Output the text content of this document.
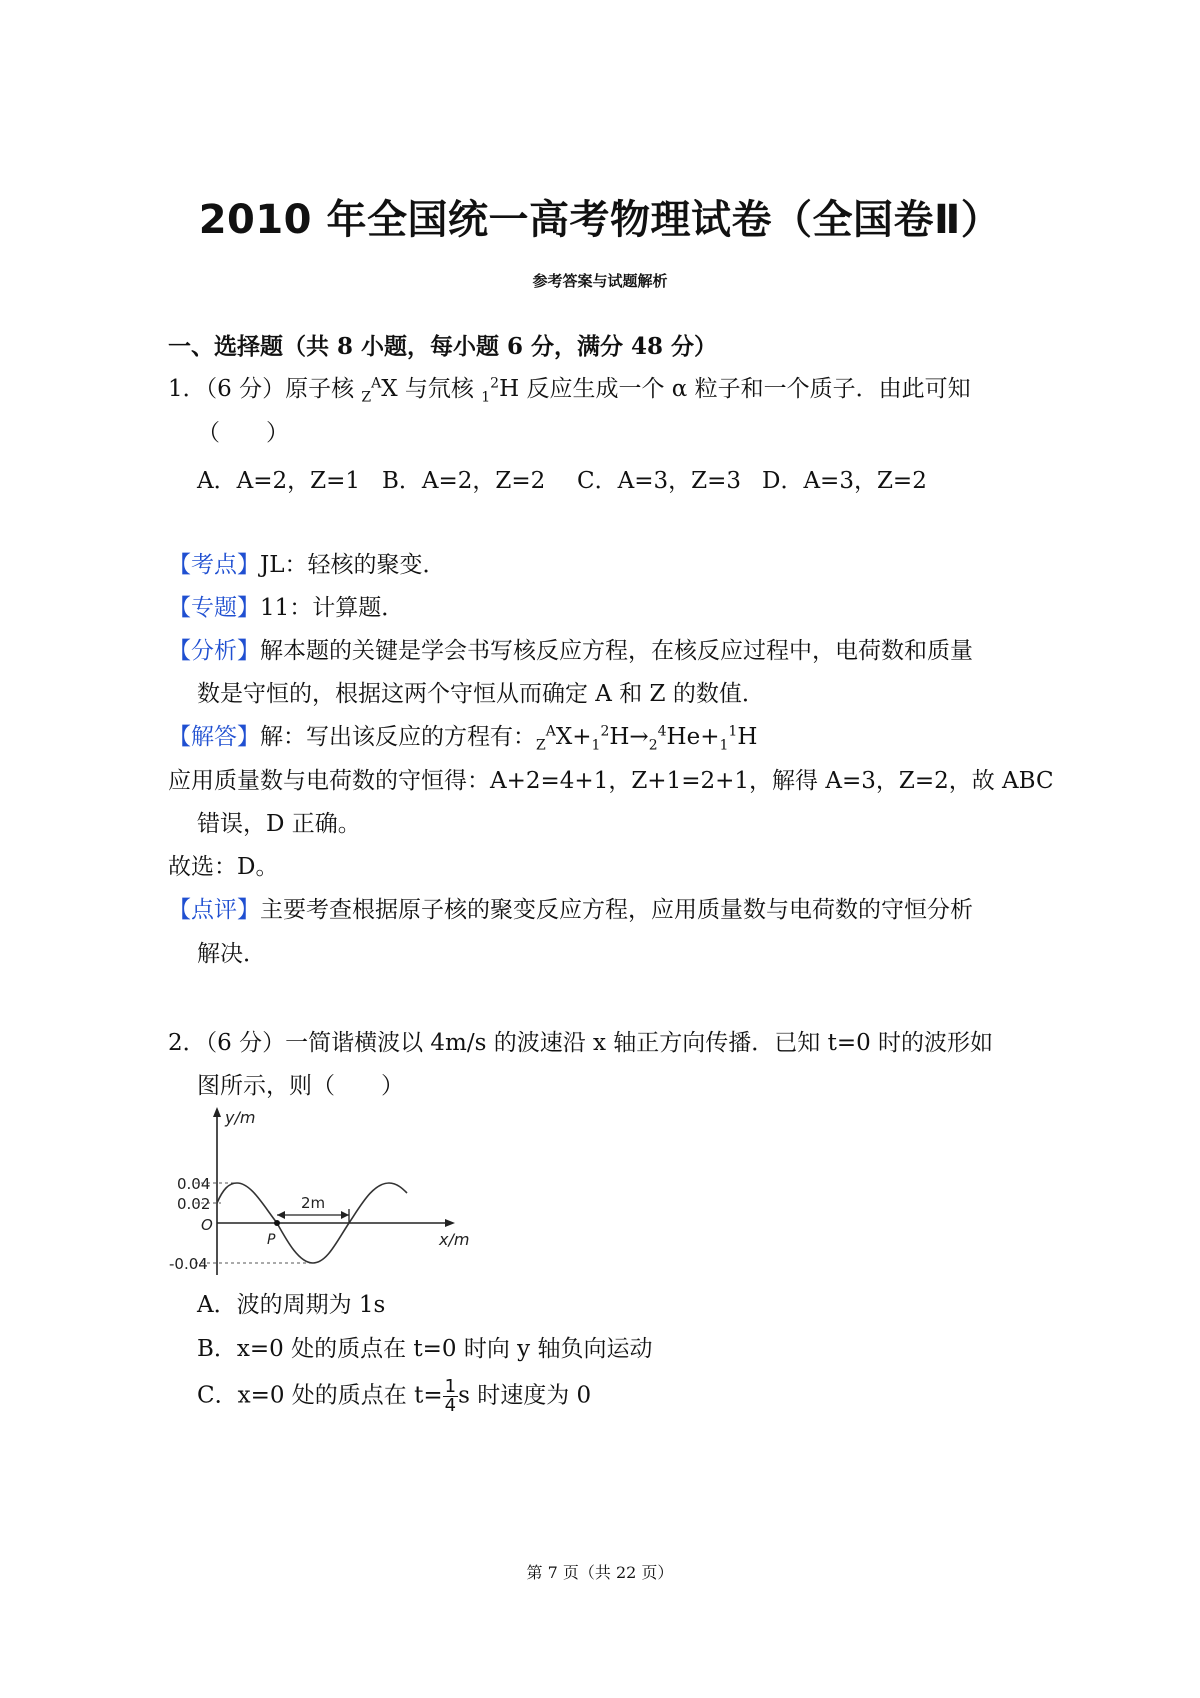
2010 年全国统一高考物理试卷（全国卷Ⅱ）
参考答案与试题解析
一、选择题（共 8 小题，每小题 6 分，满分 48 分）
1．（6 分）原子核 $_Z^A$X 与氘核 $_1^2$H 反应生成一个 α 粒子和一个质子．由此可知
（　　）
A．A=2，Z=1 B．A=2，Z=2 C．A=3，Z=3 D．A=3，Z=2
【考点】JL：轻核的聚变．
【专题】11：计算题．
【分析】解本题的关键是学会书写核反应方程，在核反应过程中，电荷数和质量
数是守恒的，根据这两个守恒从而确定 A 和 Z 的数值．
【解答】解：写出该反应的方程有：$_Z^AX+_1^2H\to_2^4He+_1^1H$
应用质量数与电荷数的守恒得：A+2=4+1，Z+1=2+1，解得 A=3，Z=2，故 ABC
错误，D 正确。
故选：D。
【点评】主要考查根据原子核的聚变反应方程，应用质量数与电荷数的守恒分析
解决．
2．（6 分）一简谐横波以 4m/s 的波速沿 x 轴正方向传播．已知 t=0 时的波形如
图所示，则（　　）
y/m
x/m
O
P
2m
0.04
0.02
-0.04
A．波的周期为 1s
B．x=0 处的质点在 t=0 时向 y 轴负向运动
C．x=0 处的质点在 $t= \frac{1}{4}$ s 时速度为 0
第 7 页（共 22 页）
